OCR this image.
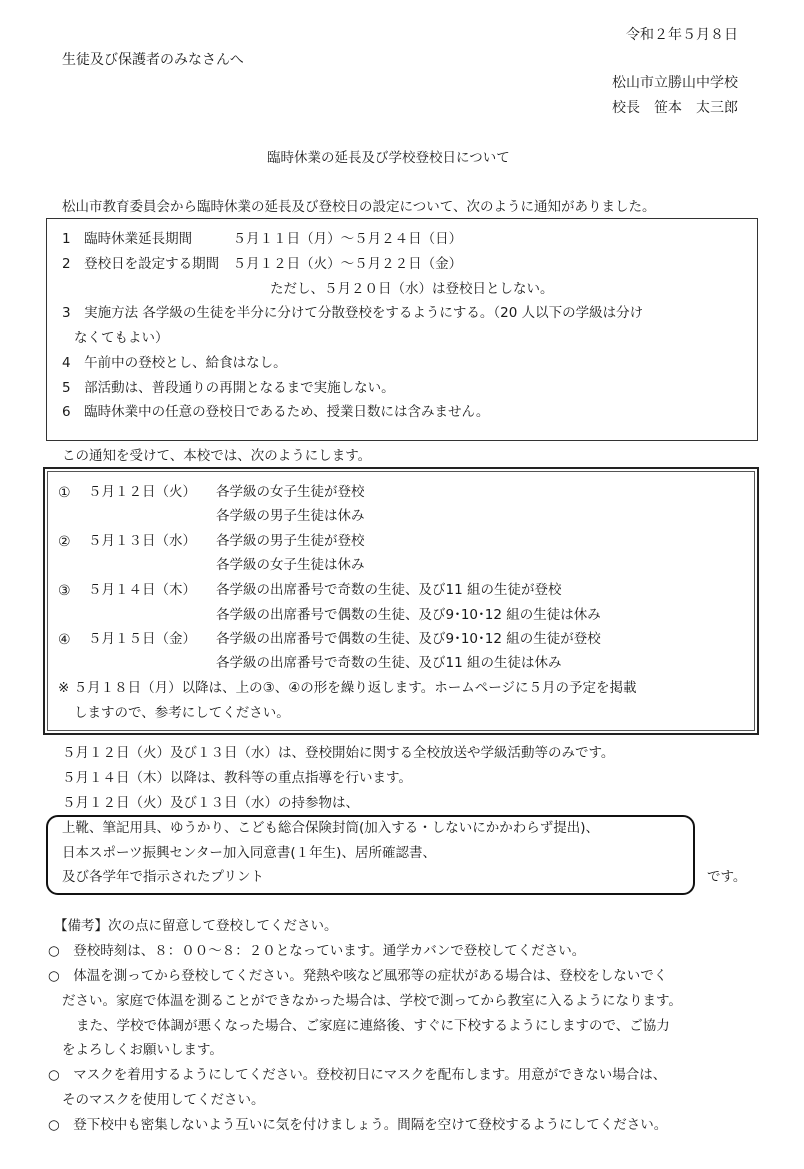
令和２年５月８日
生徒及び保護者のみなさんへ
松山市立勝山中学校
校長　笹本　太三郎
臨時休業の延長及び学校登校日について
松山市教育委員会から臨時休業の延長及び登校日の設定について、次のように通知がありました。
1　臨時休業延長期間　　　５月１１日（月）～５月２４日（日）
2　登校日を設定する期間　５月１２日（火）～５月２２日（金）
ただし、５月２０日（水）は登校日としない。
3　実施方法 各学級の生徒を半分に分けて分散登校をするようにする。（20 人以下の学級は分け
なくてもよい）
4　午前中の登校とし、給食はなし。
5　部活動は、普段通りの再開となるまで実施しない。
6　臨時休業中の任意の登校日であるため、授業日数には含みません。
この通知を受けて、本校では、次のようにします。
① ５月１２日（火） 各学級の女子生徒が登校
各学級の男子生徒は休み
② ５月１３日（水） 各学級の男子生徒が登校
各学級の女子生徒は休み
③ ５月１４日（木） 各学級の出席番号で奇数の生徒、及び11 組の生徒が登校
各学級の出席番号で偶数の生徒、及び9･10･12 組の生徒は休み
④ ５月１５日（金） 各学級の出席番号で偶数の生徒、及び9･10･12 組の生徒が登校
各学級の出席番号で奇数の生徒、及び11 組の生徒は休み
※ ５月１８日（月）以降は、上の③、④の形を繰り返します。ホームページに５月の予定を掲載
しますので、参考にしてください。
５月１２日（火）及び１３日（水）は、登校開始に関する全校放送や学級活動等のみです。
５月１４日（木）以降は、教科等の重点指導を行います。
５月１２日（火）及び１３日（水）の持参物は、
上靴、筆記用具、ゆうかり、こども総合保険封筒(加入する・しないにかかわらず提出)、
日本スポーツ振興センター加入同意書(１年生)、居所確認書、
及び各学年で指示されたプリント	です。
【備考】次の点に留意して登校してください。
○　登校時刻は、８：００～８：２０となっています。通学カバンで登校してください。
○　体温を測ってから登校してください。発熱や咳など風邪等の症状がある場合は、登校をしないでく
ださい。家庭で体温を測ることができなかった場合は、学校で測ってから教室に入るようになります。
また、学校で体調が悪くなった場合、ご家庭に連絡後、すぐに下校するようにしますので、ご協力
をよろしくお願いします。
○　マスクを着用するようにしてください。登校初日にマスクを配布します。用意ができない場合は、
そのマスクを使用してください。
○　登下校中も密集しないよう互いに気を付けましょう。間隔を空けて登校するようにしてください。
